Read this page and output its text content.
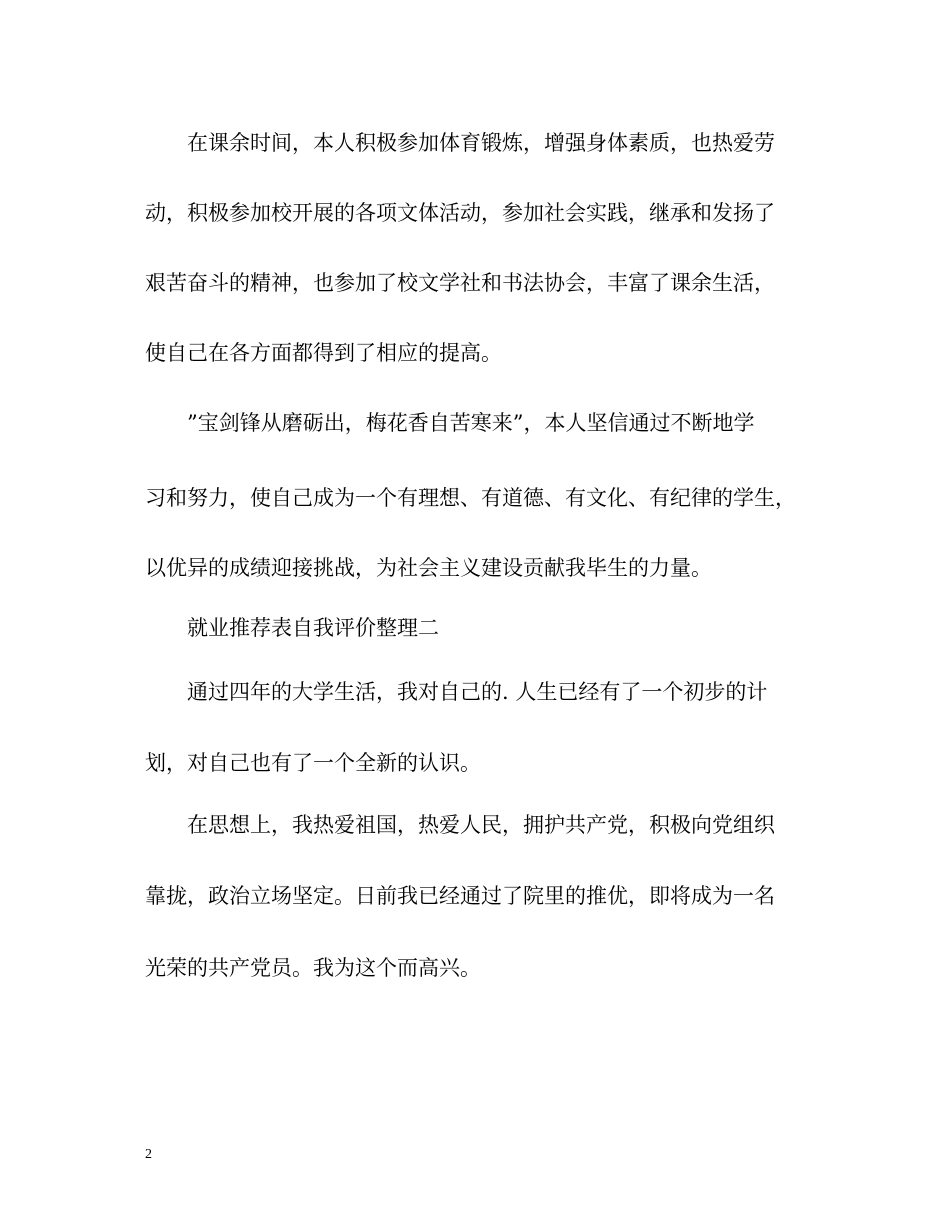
在课余时间，本人积极参加体育锻炼，增强身体素质，也热爱劳
动，积极参加校开展的各项文体活动，参加社会实践，继承和发扬了
艰苦奋斗的精神，也参加了校文学社和书法协会，丰富了课余生活，
使自己在各方面都得到了相应的提高。
”宝剑锋从磨砺出，梅花香自苦寒来”，本人坚信通过不断地学
习和努力，使自己成为一个有理想、有道德、有文化、有纪律的学生，
以优异的成绩迎接挑战，为社会主义建设贡献我毕生的力量。
就业推荐表自我评价整理二
通过四年的大学生活，我对自己的. 人生已经有了一个初步的计
划，对自己也有了一个全新的认识。
在思想上，我热爱祖国，热爱人民，拥护共产党，积极向党组织
靠拢，政治立场坚定。日前我已经通过了院里的推优，即将成为一名
光荣的共产党员。我为这个而高兴。
2
